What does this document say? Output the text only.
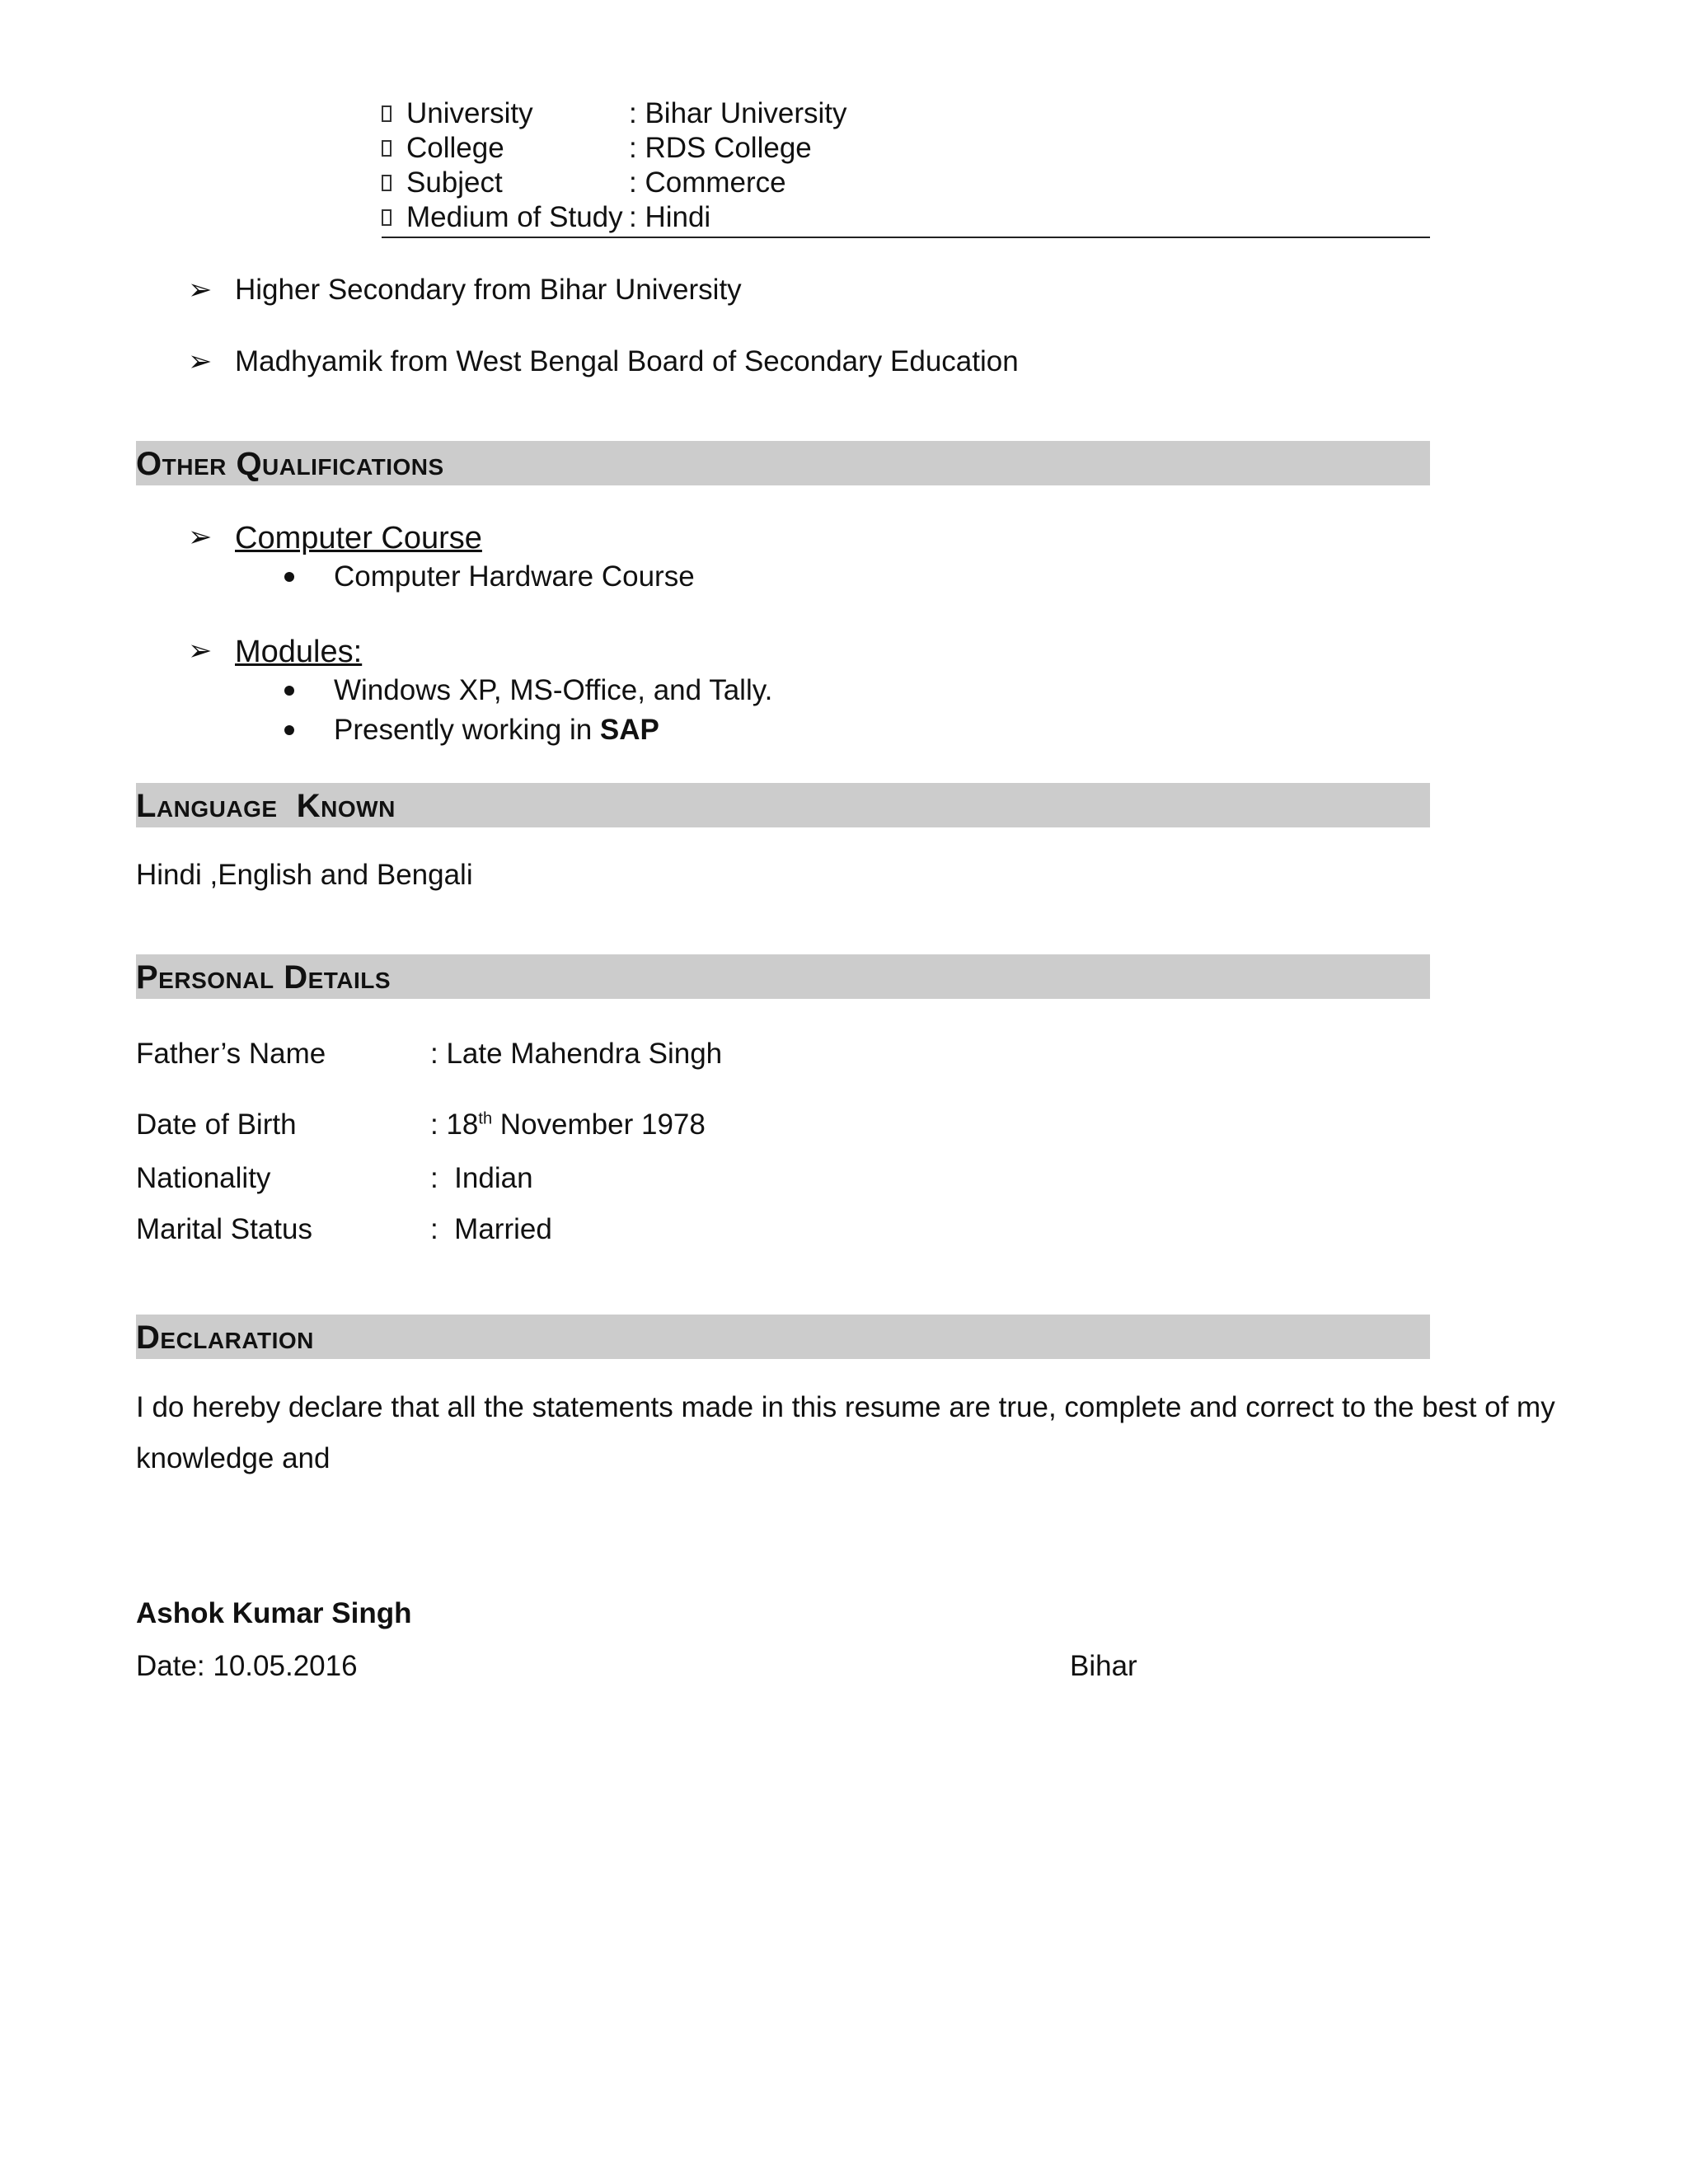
University	: Bihar University
College	: RDS College
Subject	: Commerce
Medium of Study : Hindi
➢ Higher Secondary from Bihar University
➢ Madhyamik from West Bengal Board of Secondary Education
Other Qualifications
➢ Computer Course
Computer Hardware Course
➢ Modules:
Windows XP, MS-Office, and Tally.
Presently working in SAP
Language  Known
Hindi ,English and Bengali
Personal Details
Father’s Name	: Late Mahendra Singh
Date of Birth	: 18th November 1978
Nationality	:  Indian
Marital Status	:  Married
Declaration
I do hereby declare that all the statements made in this resume are true, complete and correct to the best of my
knowledge and
Ashok Kumar Singh
Date: 10.05.2016	Bihar
